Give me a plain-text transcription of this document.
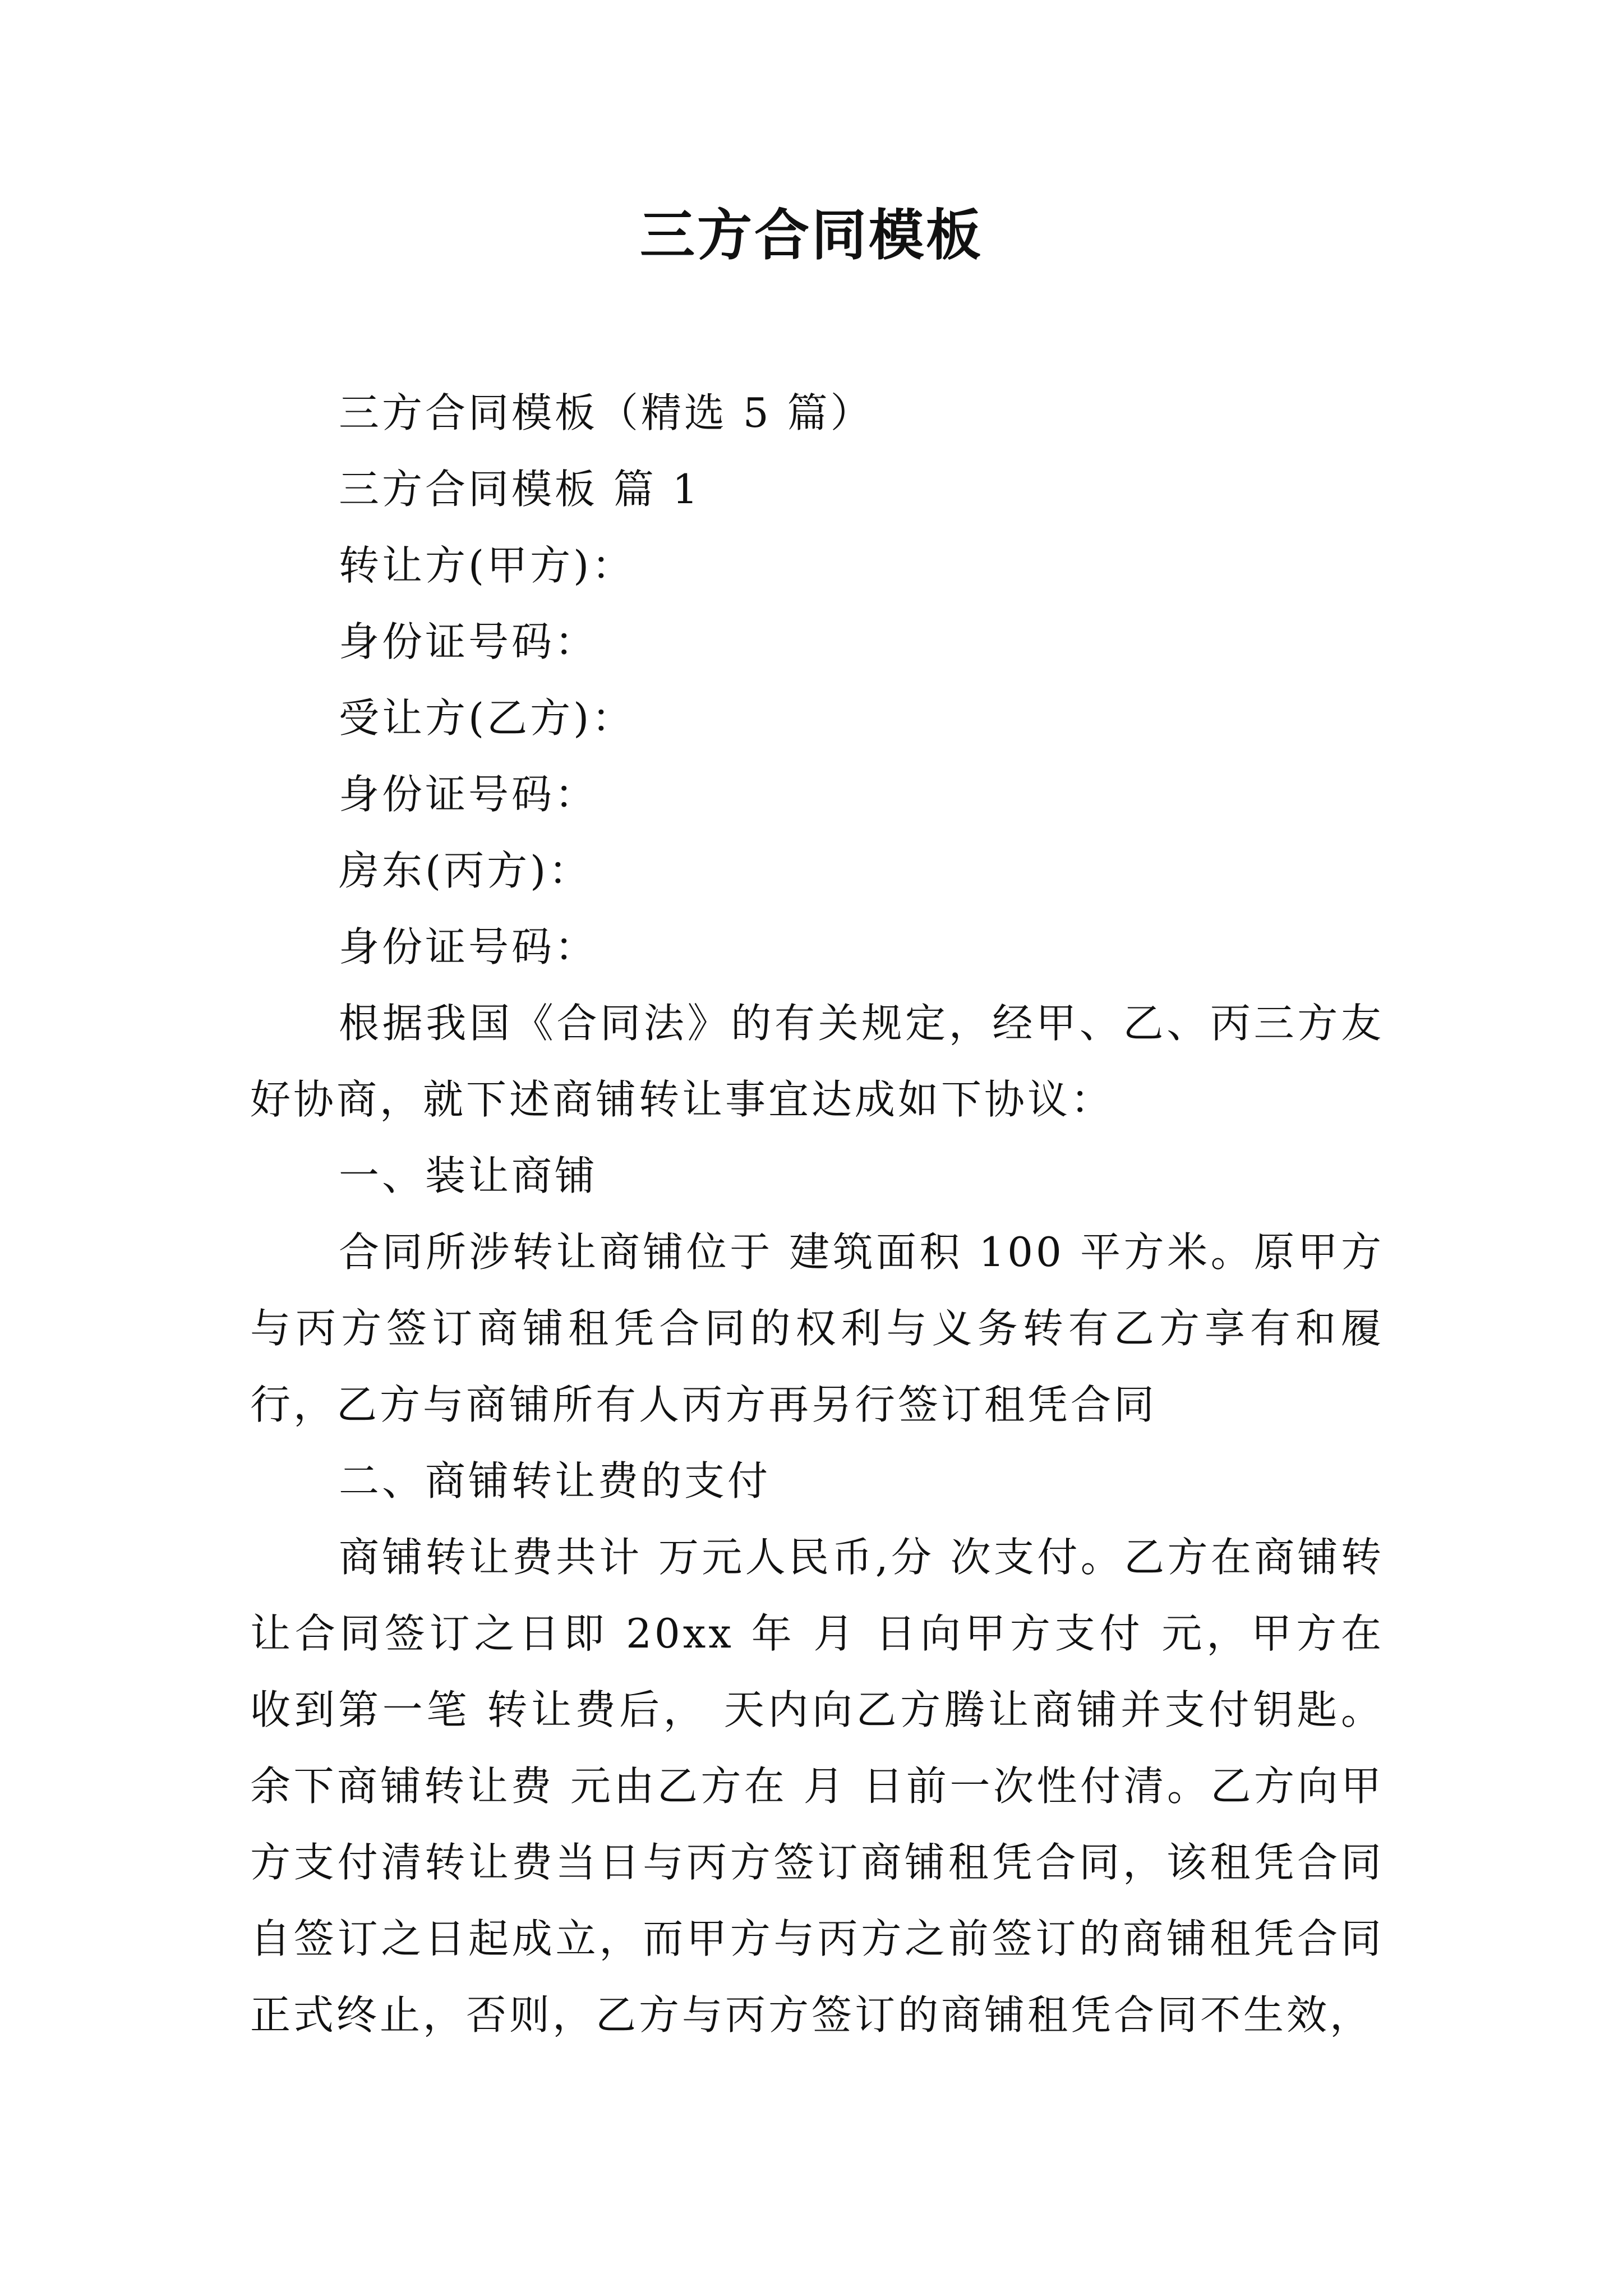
三方合同模板

三方合同模板（精选 5 篇）

三方合同模板 篇 1

转让方(甲方)：

身份证号码：

受让方(乙方)：

身份证号码：

房东(丙方)：

身份证号码：

根据我国《合同法》的有关规定，经甲、乙、丙三方友好协商，就下述商铺转让事宜达成如下协议：

一、装让商铺

合同所涉转让商铺位于 建筑面积 100 平方米。原甲方与丙方签订商铺租凭合同的权利与义务转有乙方享有和履行，乙方与商铺所有人丙方再另行签订租凭合同

二、商铺转让费的支付

商铺转让费共计 万元人民币,分 次支付。乙方在商铺转让合同签订之日即 20xx 年 月 日向甲方支付 元，甲方在收到第一笔 转让费后， 天内向乙方腾让商铺并支付钥匙。余下商铺转让费 元由乙方在 月 日前一次性付清。乙方向甲方支付清转让费当日与丙方签订商铺租凭合同，该租凭合同自签订之日起成立，而甲方与丙方之前签订的商铺租凭合同正式终止，否则，乙方与丙方签订的商铺租凭合同不生效，
